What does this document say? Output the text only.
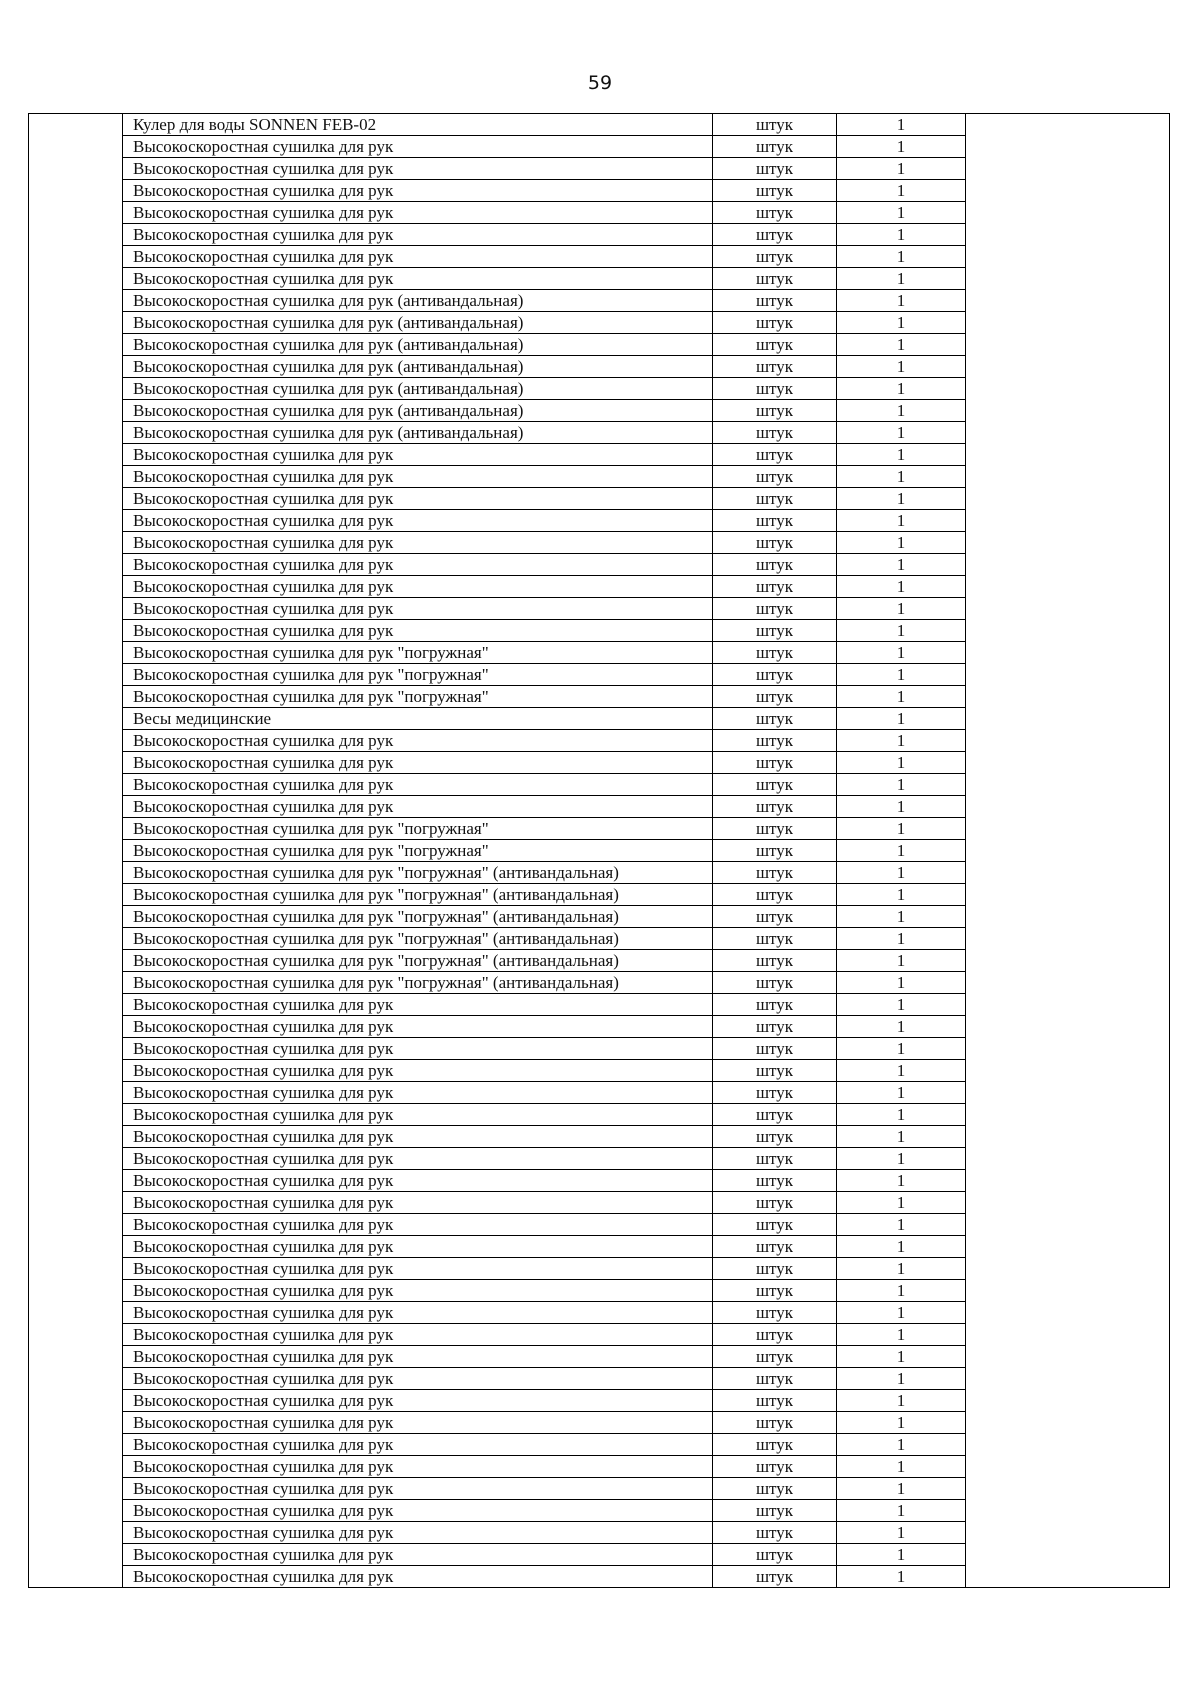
59
	Кулер для воды SONNEN FEB-02	штук	1	
	Высокоскоростная сушилка для рук	штук	1	
	Высокоскоростная сушилка для рук	штук	1	
	Высокоскоростная сушилка для рук	штук	1	
	Высокоскоростная сушилка для рук	штук	1	
	Высокоскоростная сушилка для рук	штук	1	
	Высокоскоростная сушилка для рук	штук	1	
	Высокоскоростная сушилка для рук	штук	1	
	Высокоскоростная сушилка для рук (антивандальная)	штук	1	
	Высокоскоростная сушилка для рук (антивандальная)	штук	1	
	Высокоскоростная сушилка для рук (антивандальная)	штук	1	
	Высокоскоростная сушилка для рук (антивандальная)	штук	1	
	Высокоскоростная сушилка для рук (антивандальная)	штук	1	
	Высокоскоростная сушилка для рук (антивандальная)	штук	1	
	Высокоскоростная сушилка для рук (антивандальная)	штук	1	
	Высокоскоростная сушилка для рук	штук	1	
	Высокоскоростная сушилка для рук	штук	1	
	Высокоскоростная сушилка для рук	штук	1	
	Высокоскоростная сушилка для рук	штук	1	
	Высокоскоростная сушилка для рук	штук	1	
	Высокоскоростная сушилка для рук	штук	1	
	Высокоскоростная сушилка для рук	штук	1	
	Высокоскоростная сушилка для рук	штук	1	
	Высокоскоростная сушилка для рук	штук	1	
	Высокоскоростная сушилка для рук "погружная"	штук	1	
	Высокоскоростная сушилка для рук "погружная"	штук	1	
	Высокоскоростная сушилка для рук "погружная"	штук	1	
	Весы медицинские	штук	1	
	Высокоскоростная сушилка для рук	штук	1	
	Высокоскоростная сушилка для рук	штук	1	
	Высокоскоростная сушилка для рук	штук	1	
	Высокоскоростная сушилка для рук	штук	1	
	Высокоскоростная сушилка для рук "погружная"	штук	1	
	Высокоскоростная сушилка для рук "погружная"	штук	1	
	Высокоскоростная сушилка для рук "погружная" (антивандальная)	штук	1	
	Высокоскоростная сушилка для рук "погружная" (антивандальная)	штук	1	
	Высокоскоростная сушилка для рук "погружная" (антивандальная)	штук	1	
	Высокоскоростная сушилка для рук "погружная" (антивандальная)	штук	1	
	Высокоскоростная сушилка для рук "погружная" (антивандальная)	штук	1	
	Высокоскоростная сушилка для рук "погружная" (антивандальная)	штук	1	
	Высокоскоростная сушилка для рук	штук	1	
	Высокоскоростная сушилка для рук	штук	1	
	Высокоскоростная сушилка для рук	штук	1	
	Высокоскоростная сушилка для рук	штук	1	
	Высокоскоростная сушилка для рук	штук	1	
	Высокоскоростная сушилка для рук	штук	1	
	Высокоскоростная сушилка для рук	штук	1	
	Высокоскоростная сушилка для рук	штук	1	
	Высокоскоростная сушилка для рук	штук	1	
	Высокоскоростная сушилка для рук	штук	1	
	Высокоскоростная сушилка для рук	штук	1	
	Высокоскоростная сушилка для рук	штук	1	
	Высокоскоростная сушилка для рук	штук	1	
	Высокоскоростная сушилка для рук	штук	1	
	Высокоскоростная сушилка для рук	штук	1	
	Высокоскоростная сушилка для рук	штук	1	
	Высокоскоростная сушилка для рук	штук	1	
	Высокоскоростная сушилка для рук	штук	1	
	Высокоскоростная сушилка для рук	штук	1	
	Высокоскоростная сушилка для рук	штук	1	
	Высокоскоростная сушилка для рук	штук	1	
	Высокоскоростная сушилка для рук	штук	1	
	Высокоскоростная сушилка для рук	штук	1	
	Высокоскоростная сушилка для рук	штук	1	
	Высокоскоростная сушилка для рук	штук	1	
	Высокоскоростная сушилка для рук	штук	1	
	Высокоскоростная сушилка для рук	штук	1	
